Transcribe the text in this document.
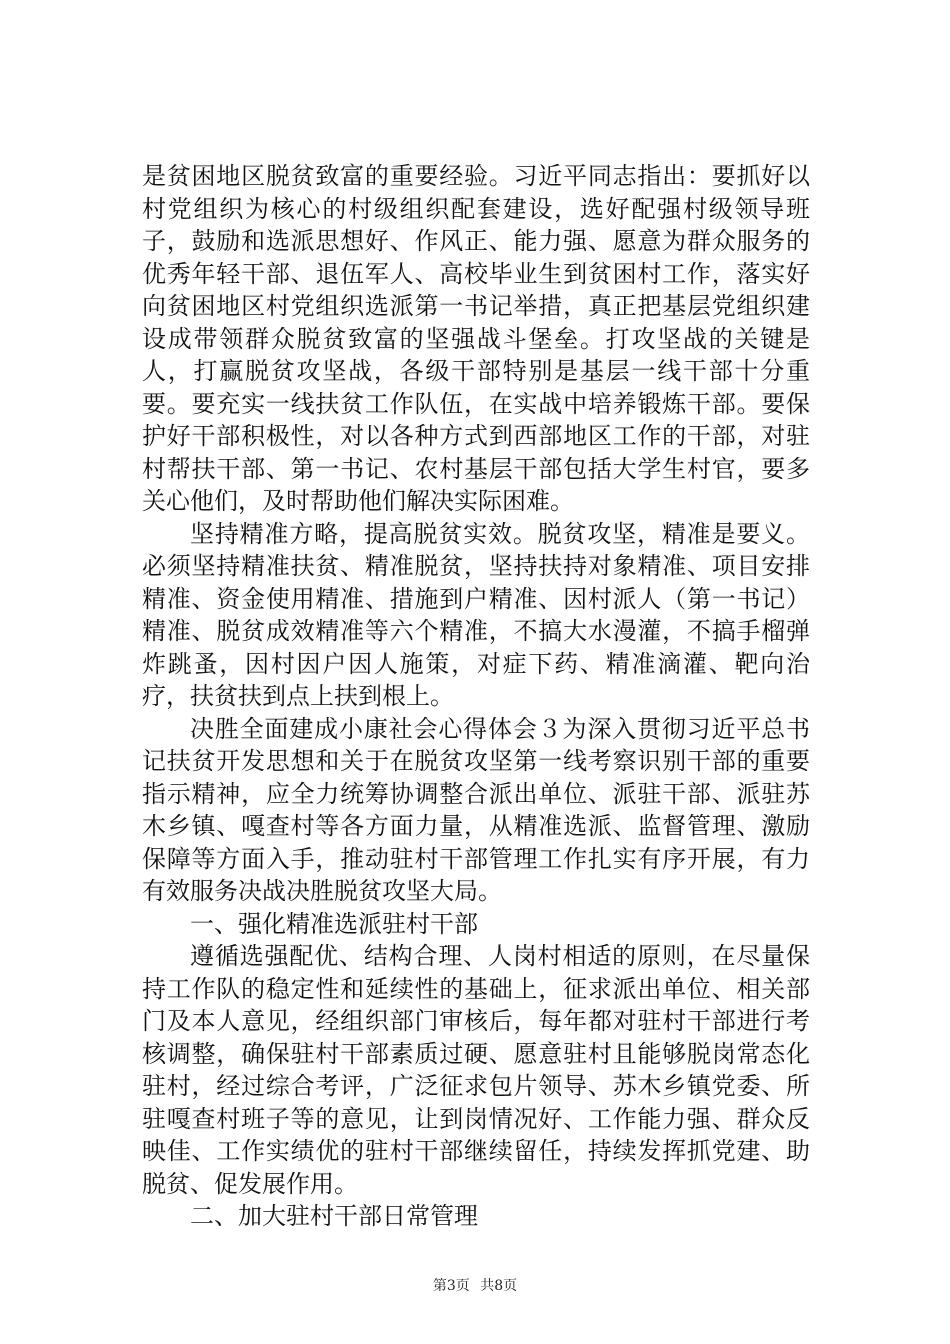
是贫困地区脱贫致富的重要经验。习近平同志指出：要抓好以村党组织为核心的村级组织配套建设，选好配强村级领导班子，鼓励和选派思想好、作风正、能力强、愿意为群众服务的优秀年轻干部、退伍军人、高校毕业生到贫困村工作，落实好向贫困地区村党组织选派第一书记举措，真正把基层党组织建设成带领群众脱贫致富的坚强战斗堡垒。打攻坚战的关键是人，打赢脱贫攻坚战，各级干部特别是基层一线干部十分重要。要充实一线扶贫工作队伍，在实战中培养锻炼干部。要保护好干部积极性，对以各种方式到西部地区工作的干部，对驻村帮扶干部、第一书记、农村基层干部包括大学生村官，要多关心他们，及时帮助他们解决实际困难。

坚持精准方略，提高脱贫实效。脱贫攻坚，精准是要义。必须坚持精准扶贫、精准脱贫，坚持扶持对象精准、项目安排精准、资金使用精准、措施到户精准、因村派人（第一书记）精准、脱贫成效精准等六个精准，不搞大水漫灌，不搞手榴弹炸跳蚤，因村因户因人施策，对症下药、精准滴灌、靶向治疗，扶贫扶到点上扶到根上。

决胜全面建成小康社会心得体会３为深入贯彻习近平总书记扶贫开发思想和关于在脱贫攻坚第一线考察识别干部的重要指示精神，应全力统筹协调整合派出单位、派驻干部、派驻苏木乡镇、嘎查村等各方面力量，从精准选派、监督管理、激励保障等方面入手，推动驻村干部管理工作扎实有序开展，有力有效服务决战决胜脱贫攻坚大局。

一、强化精准选派驻村干部

遵循选强配优、结构合理、人岗村相适的原则，在尽量保持工作队的稳定性和延续性的基础上，征求派出单位、相关部门及本人意见，经组织部门审核后，每年都对驻村干部进行考核调整，确保驻村干部素质过硬、愿意驻村且能够脱岗常态化驻村，经过综合考评，广泛征求包片领导、苏木乡镇党委、所驻嘎查村班子等的意见，让到岗情况好、工作能力强、群众反映佳、工作实绩优的驻村干部继续留任，持续发挥抓党建、助脱贫、促发展作用。

二、加大驻村干部日常管理

第3页 共8页
